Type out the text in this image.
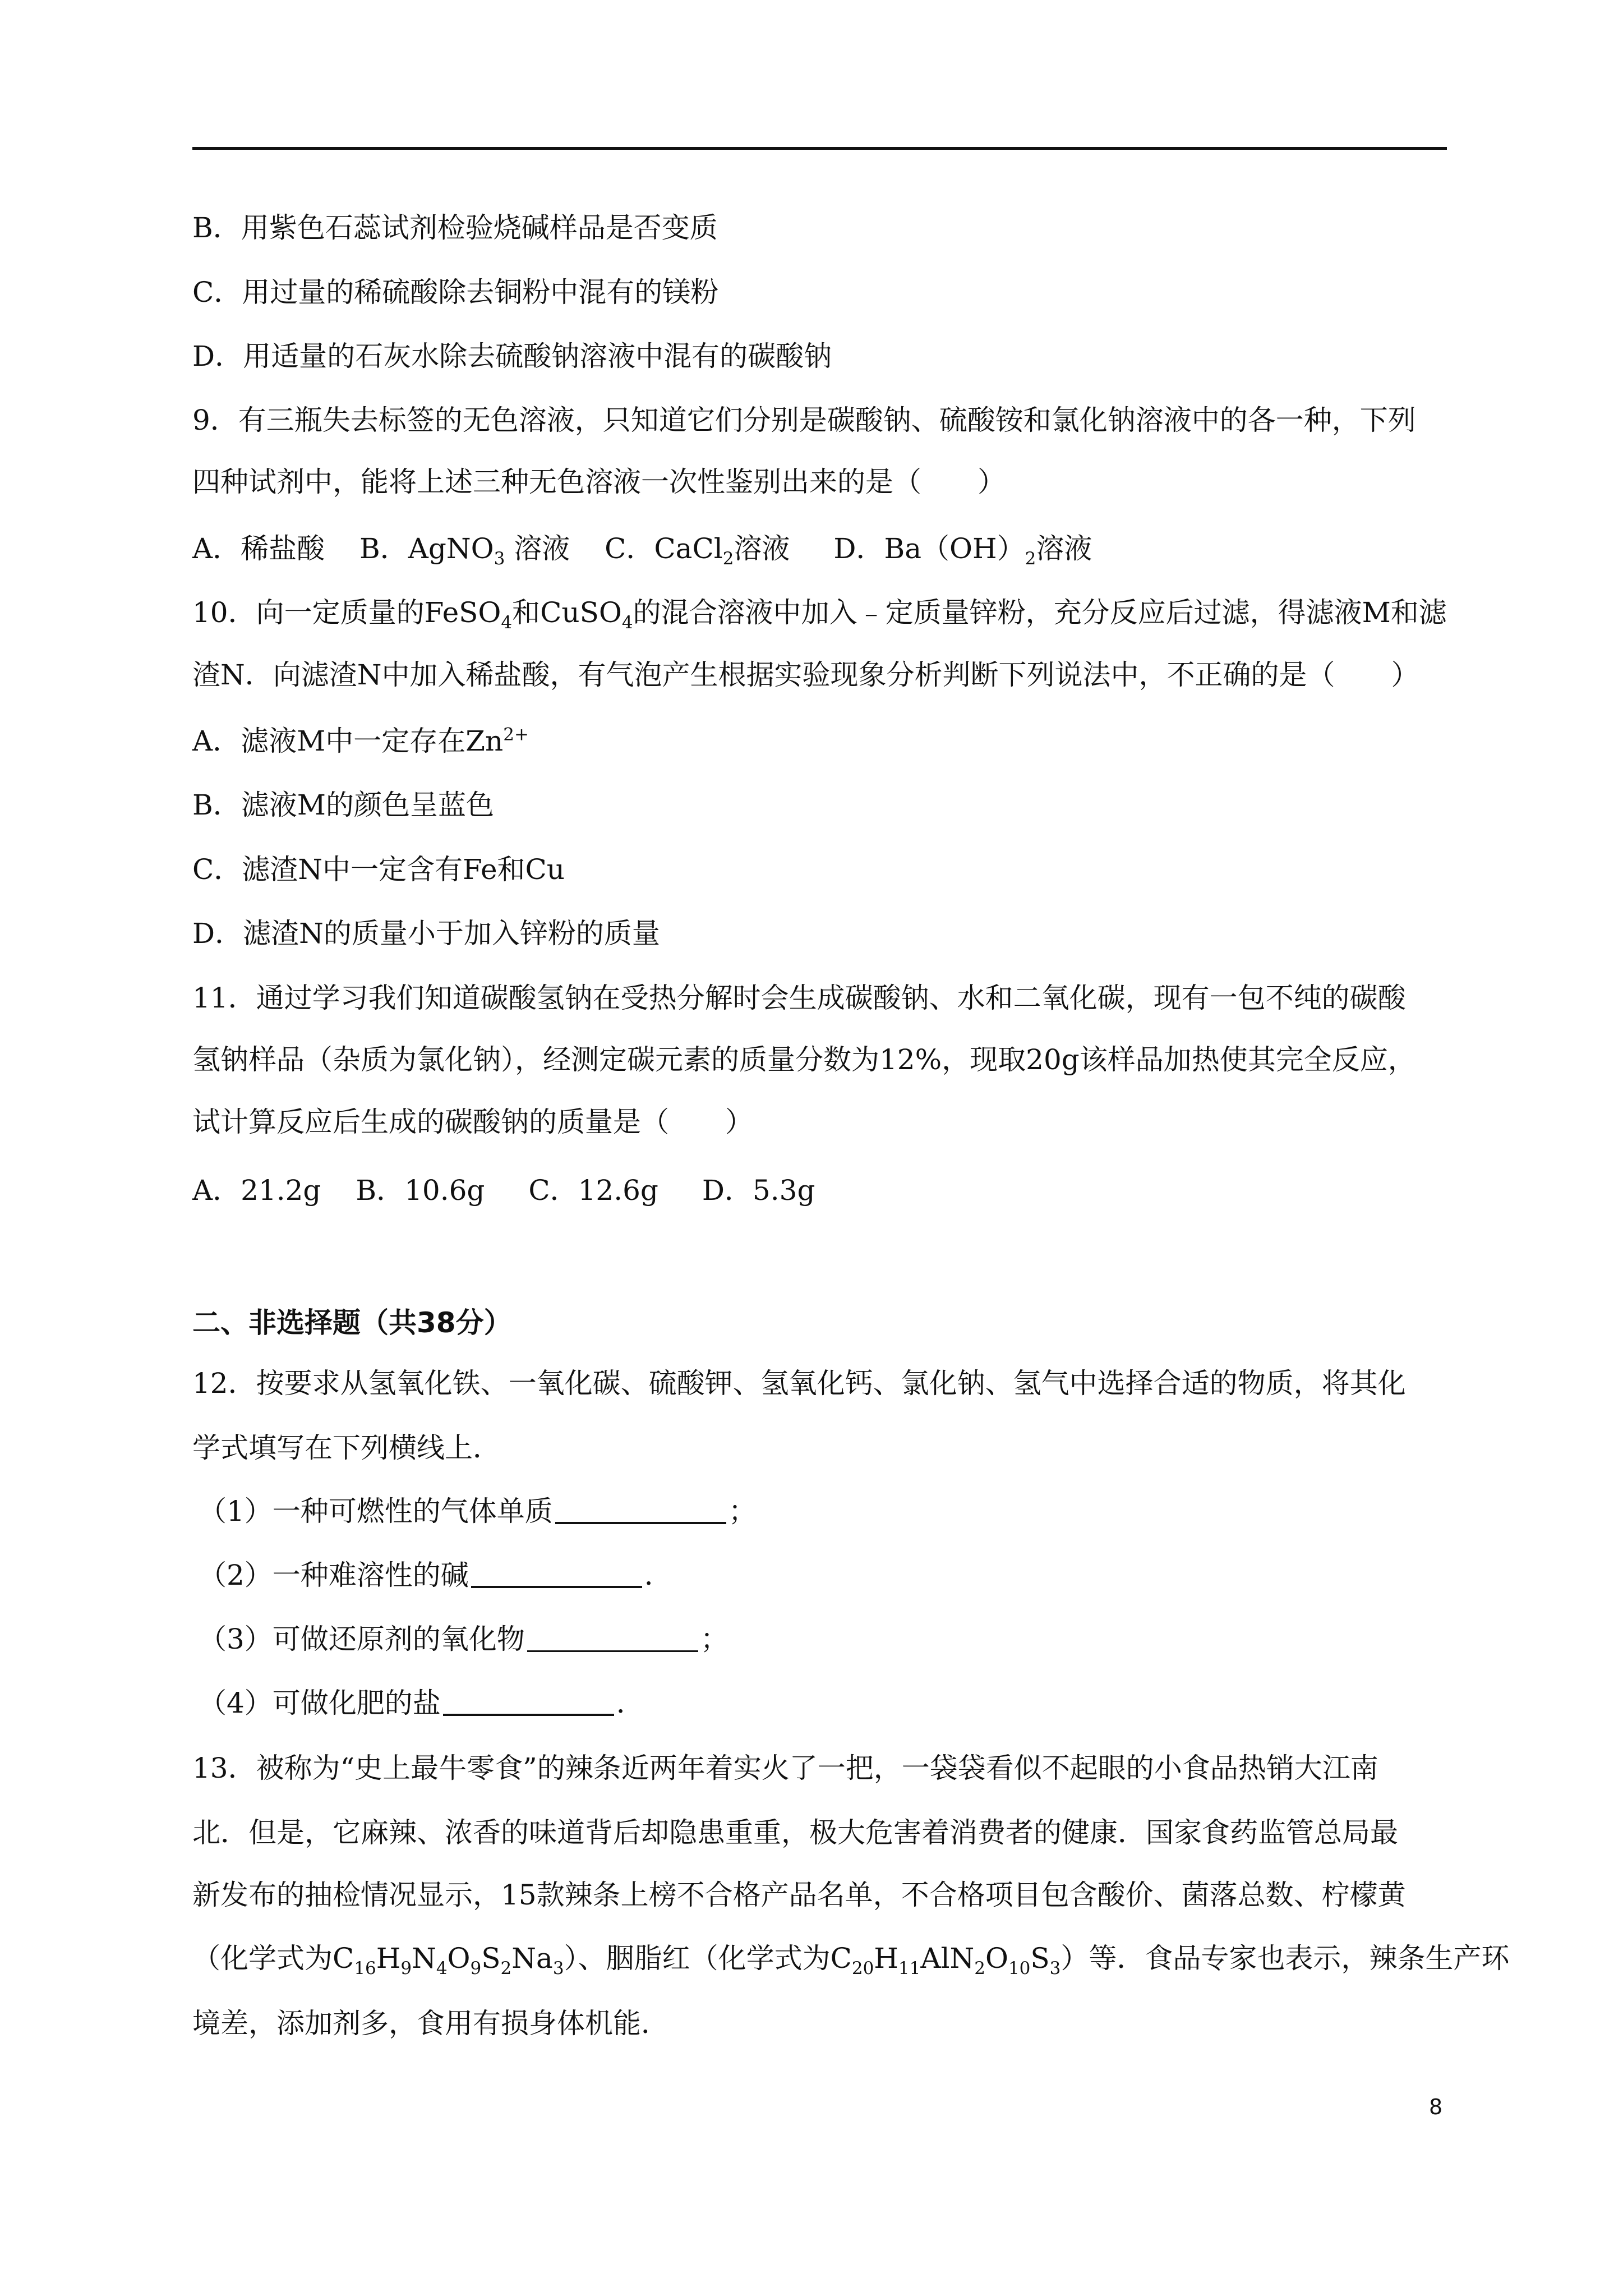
B．用紫色石蕊试剂检验烧碱样品是否变质
C．用过量的稀硫酸除去铜粉中混有的镁粉
D．用适量的石灰水除去硫酸钠溶液中混有的碳酸钠
9．有三瓶失去标签的无色溶液，只知道它们分别是碳酸钠、硫酸铵和氯化钠溶液中的各一种，下列
四种试剂中，能将上述三种无色溶液一次性鉴别出来的是（　　）
A．稀盐酸 B．AgNO$_3$ 溶液 C．CaCl$_2$溶液 D．$Ba(OH)_2$溶液
10．向一定质量的FeSO$_4$和CuSO$_4$的混合溶液中加入﹣定质量锌粉，充分反应后过滤，得滤液M和滤
渣N．向滤渣N中加入稀盐酸，有气泡产生根据实验现象分析判断下列说法中，不正确的是（　　）
A．滤液M中一定存在$Zn^{2+}$
B．滤液M的颜色呈蓝色
C．滤渣N中一定含有Fe和Cu
D．滤渣N的质量小于加入锌粉的质量
11．通过学习我们知道碳酸氢钠在受热分解时会生成碳酸钠、水和二氧化碳，现有一包不纯的碳酸
氢钠样品（杂质为氯化钠），经测定碳元素的质量分数为12%，现取20g该样品加热使其完全反应，
试计算反应后生成的碳酸钠的质量是（　　）
A．21.2g B．10.6g C．12.6g D．5.3g
二、非选择题（共38分）
12．按要求从氢氧化铁、一氧化碳、硫酸钾、氢氧化钙、氯化钠、氢气中选择合适的物质，将其化
学式填写在下列横线上．
（1）一种可燃性的气体单质	；
（2）一种难溶性的碱	．
（3）可做还原剂的氧化物	；
（4）可做化肥的盐	．
13．被称为“史上最牛零食”的辣条近两年着实火了一把，一袋袋看似不起眼的小食品热销大江南
北．但是，它麻辣、浓香的味道背后却隐患重重，极大危害着消费者的健康．国家食药监管总局最
新发布的抽检情况显示，15款辣条上榜不合格产品名单，不合格项目包含酸价、菌落总数、柠檬黄
（化学式为$C_{16}H_9N_4O_9S_2Na_3$）、胭脂红（化学式为$C_{20}H_{11}AlN_2O_{10}S_3$）等．食品专家也表示，辣条生产环
境差，添加剂多，食用有损身体机能．
8
